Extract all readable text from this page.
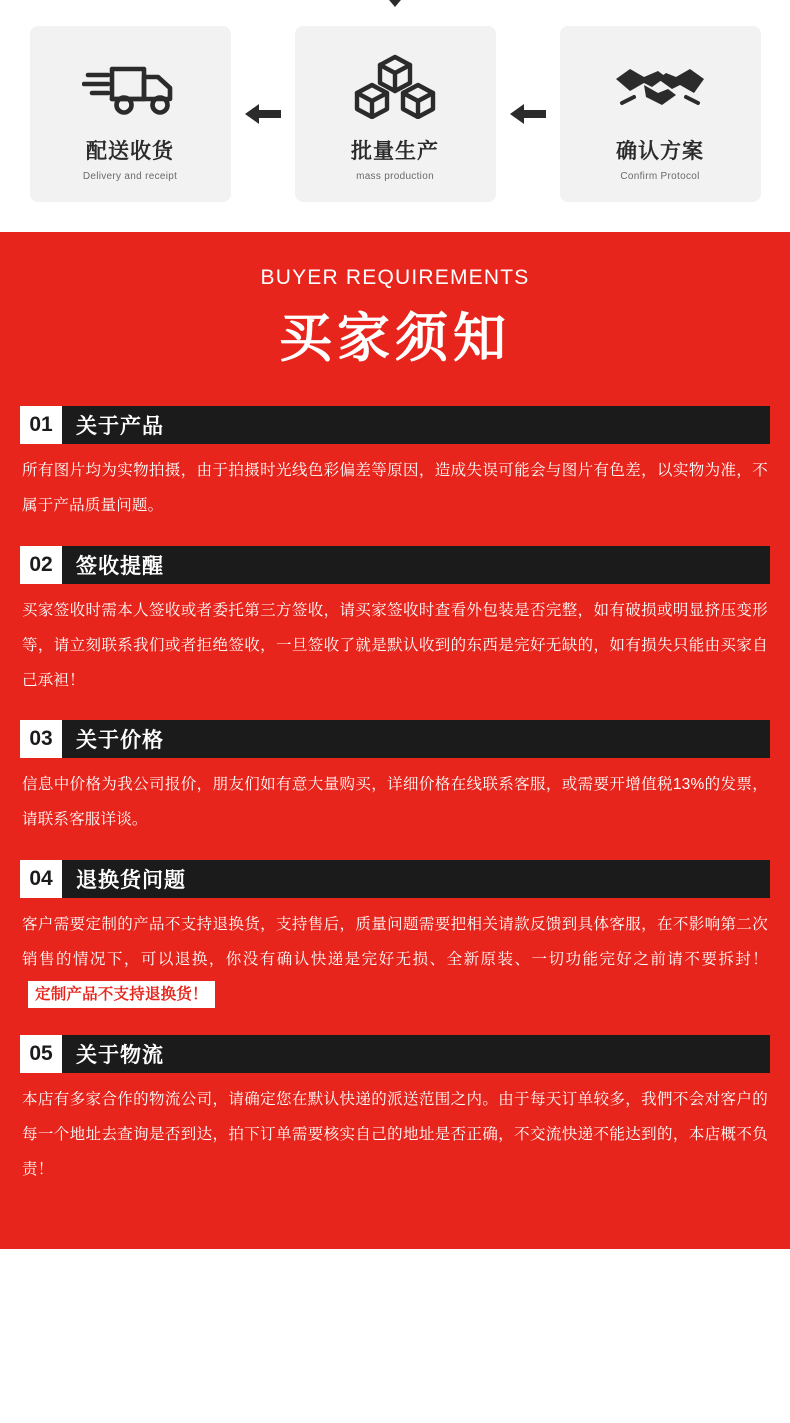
配送收货
Delivery and receipt
批量生产
mass production
确认方案
Confirm Protocol
BUYER REQUIREMENTS
买家须知
01	关于产品

所有图片均为实物拍摄，由于拍摄时光线色彩偏差等原因，造成失误可能会与图片有色差，以实物为准，不属于产品质量问题。

02	签收提醒

买家签收时需本人签收或者委托第三方签收，请买家签收时查看外包装是否完整，如有破损或明显挤压变形等，请立刻联系我们或者拒绝签收，一旦签收了就是默认收到的东西是完好无缺的，如有损失只能由买家自己承袒！

03	关于价格

信息中价格为我公司报价，朋友们如有意大量购买，详细价格在线联系客服，或需要开增值税13%的发票，请联系客服详谈。

04	退换货问题

客户需要定制的产品不支持退换货，支持售后，质量问题需要把相关请款反馈到具体客服，在不影响第二次销售的情况下，可以退换，你没有确认快递是完好无损、全新原装、一切功能完好之前请不要拆封！定制产品不支持退换货！

05	关于物流

本店有多家合作的物流公司，请确定您在默认快递的派送范围之内。由于每天订单较多，我們不会对客户的每一个地址去查询是否到达，拍下订单需要核实自己的地址是否正确，不交流快递不能达到的，本店概不负责！
